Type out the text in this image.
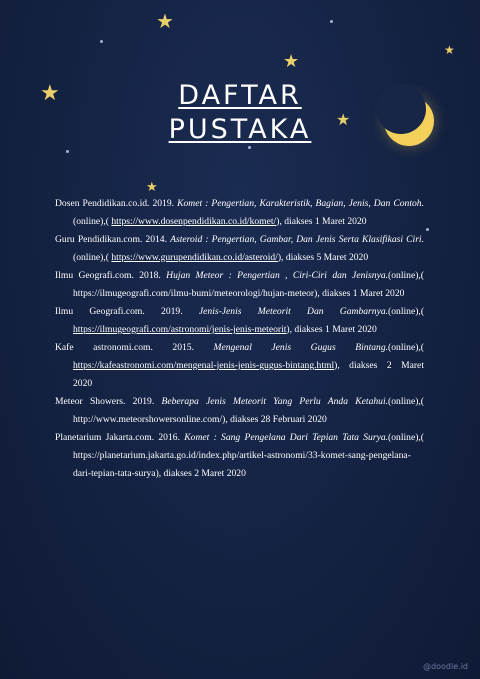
★
★
★
★
★
★
DAFTAR
PUSTAKA

Dosen Pendidikan.co.id. 2019. Komet : Pengertian, Karakteristik, Bagian, Jenis, Dan Contoh.(online),( https://www.dosenpendidikan.co.id/komet/), diakses 1 Maret 2020

Guru Pendidikan.com. 2014. Asteroid : Pengertian, Gambar, Dan Jenis Serta Klasifikasi Ciri.(online),( https://www.gurupendidikan.co.id/asteroid/), diakses 5 Maret 2020

Ilmu Geografi.com. 2018. Hujan Meteor : Pengertian , Ciri-Ciri dan Jenisnya.(online),( https://ilmugeografi.com/ilmu-bumi/meteorologi/hujan-meteor), diakses 1 Maret 2020

Ilmu Geografi.com. 2019. Jenis-Jenis Meteorit Dan Gambarnya.(online),( https://ilmugeografi.com/astronomi/jenis-jenis-meteorit), diakses 1 Maret 2020

Kafe astronomi.com. 2015. Mengenal Jenis Gugus Bintang.(online),( https://kafeastronomi.com/mengenal-jenis-jenis-gugus-bintang.html), diakses 2 Maret 2020

Meteor Showers. 2019. Beberapa Jenis Meteorit Yang Perlu Anda Ketahui.(online),( http://www.meteorshowersonline.com/), diakses 28 Februari 2020

Planetarium Jakarta.com. 2016. Komet : Sang Pengelana Dari Tepian Tata Surya.(online),( https://planetarium.jakarta.go.id/index.php/artikel-astronomi/33-komet-sang-pengelana-dari-tepian-tata-surya), diakses 2 Maret 2020

@doodle.id
